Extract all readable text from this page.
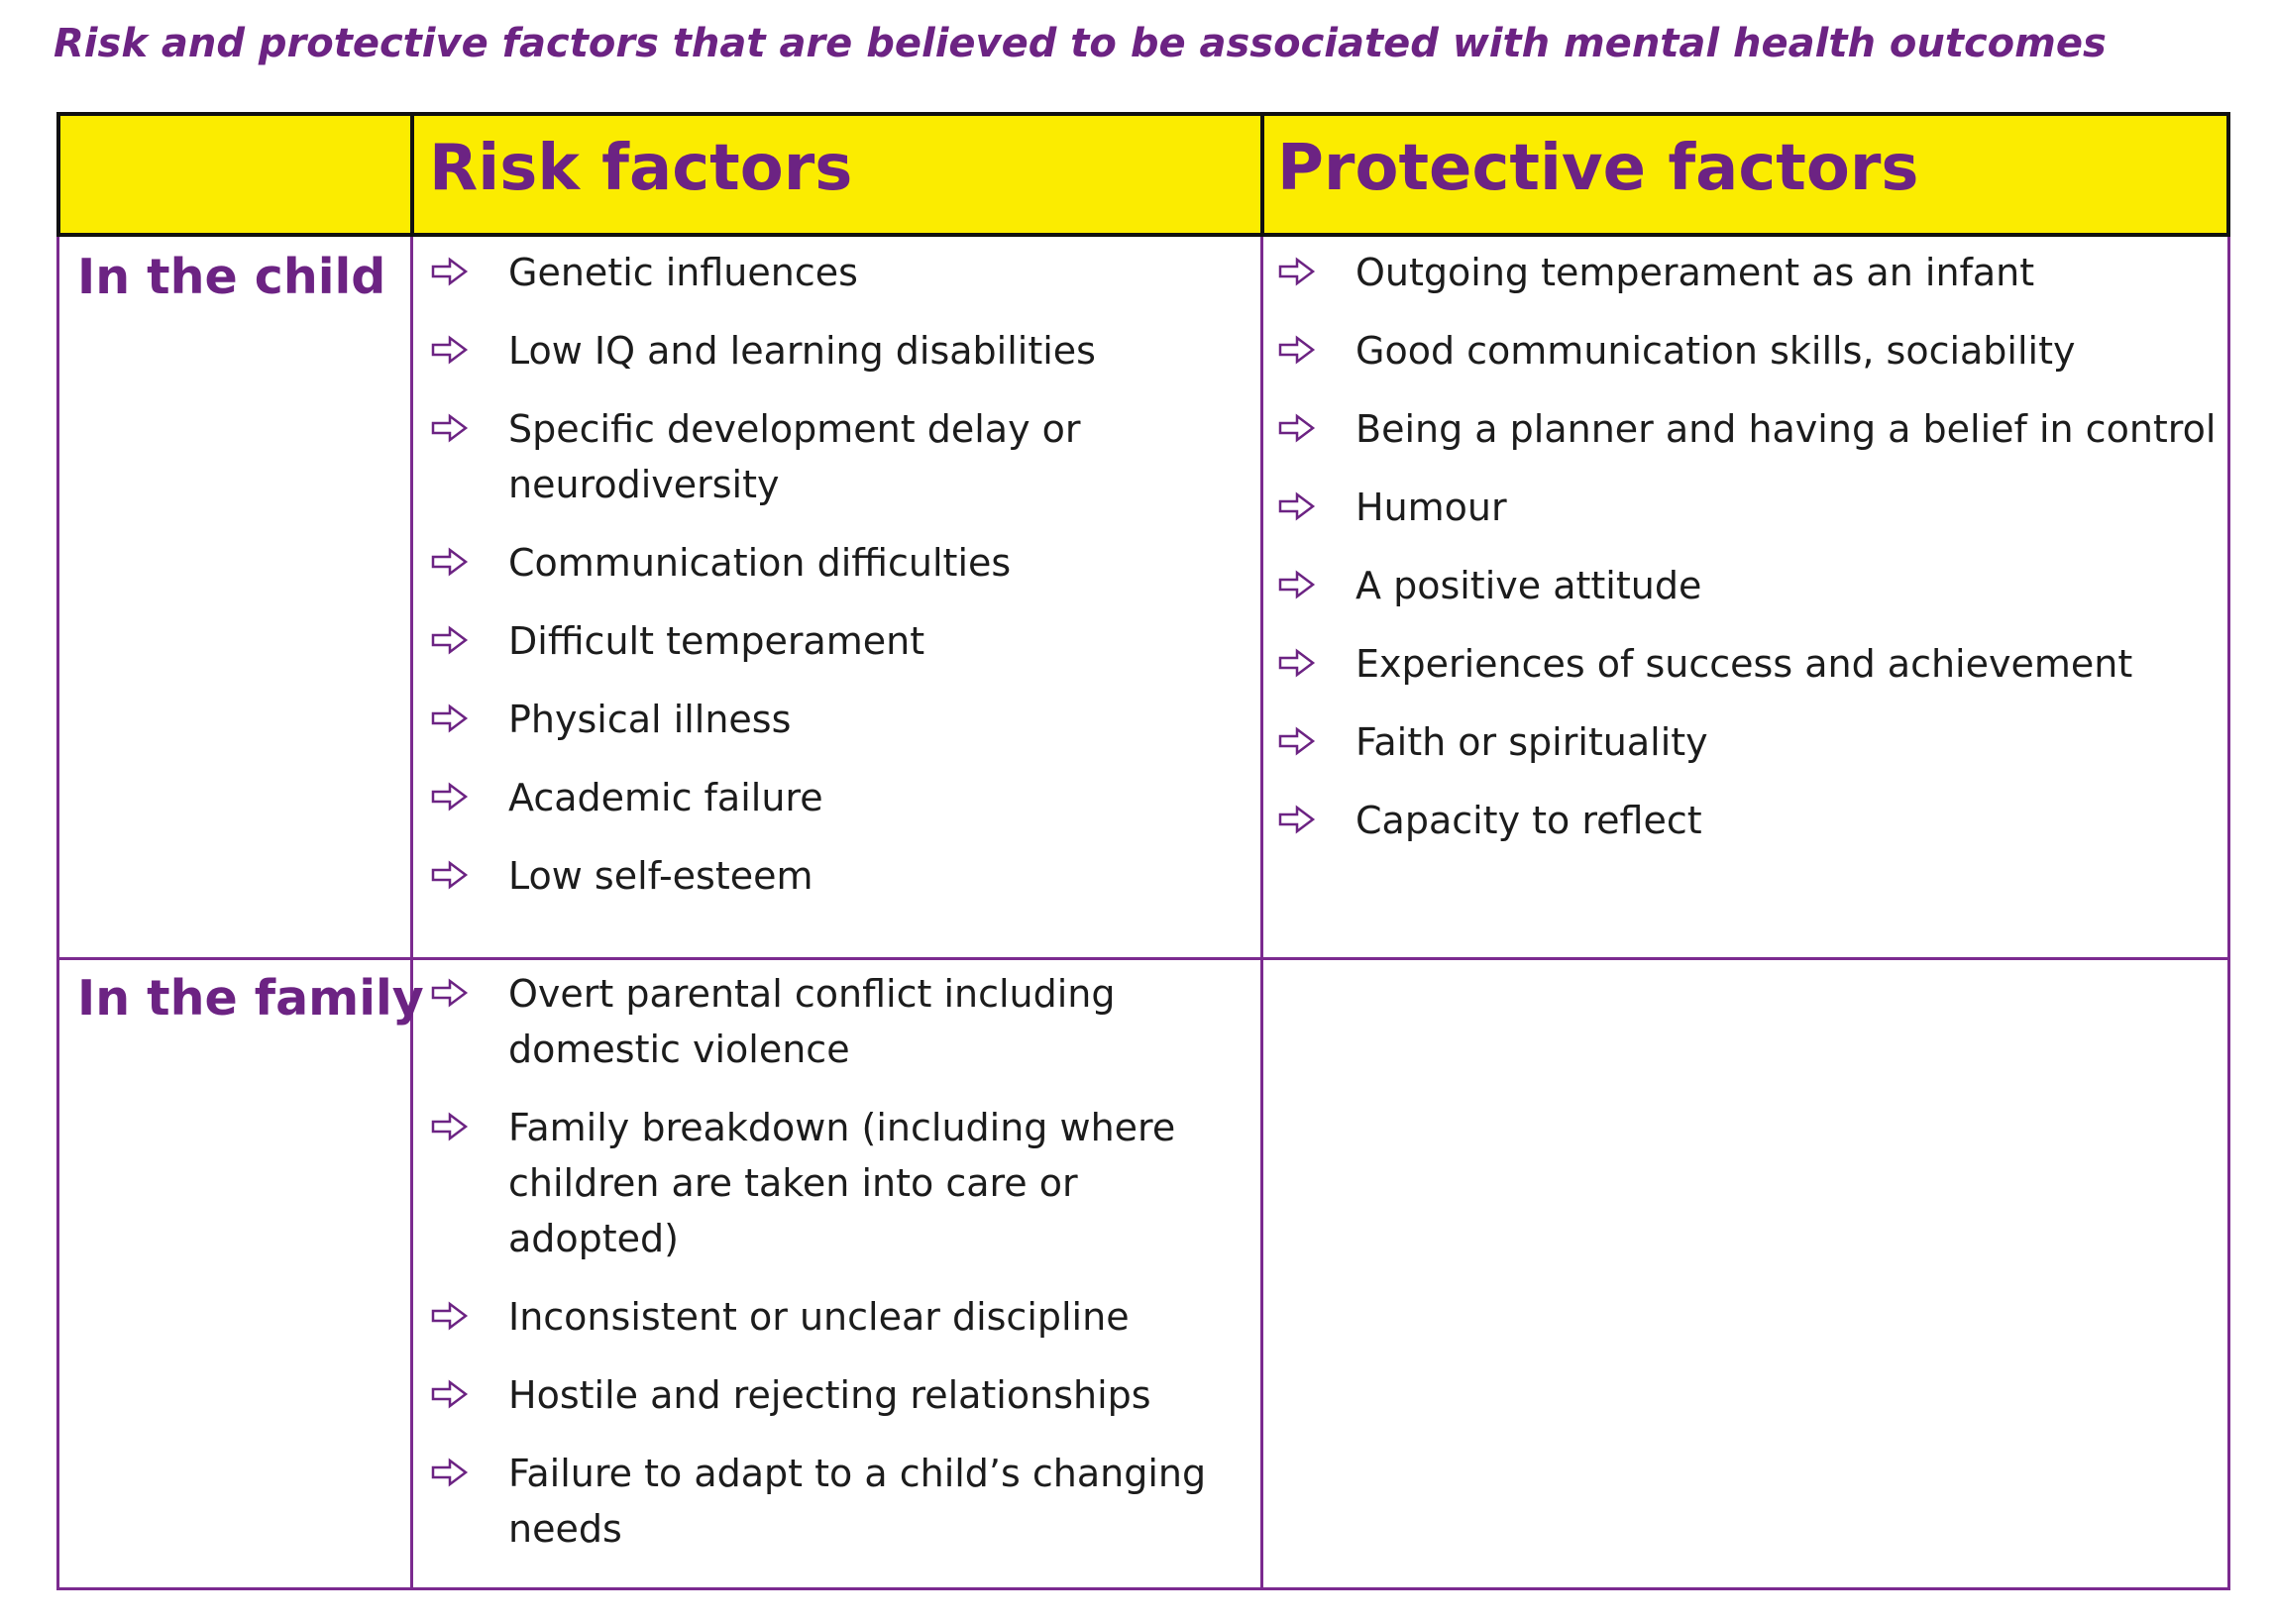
Risk and protective factors that are believed to be associated with mental health outcomes

Risk factors	Protective factors

In the child

In the family

Genetic influences
Low IQ and learning disabilities
Specific development delay or neurodiversity
Communication difficulties
Difficult temperament
Physical illness
Academic failure
Low self-esteem
Outgoing temperament as an infant
Good communication skills, sociability
Being a planner and having a belief in control
Humour
A positive attitude
Experiences of success and achievement
Faith or spirituality
Capacity to reflect
Overt parental conflict including domestic violence
Family breakdown (including where children are taken into care or adopted)
Inconsistent or unclear discipline
Hostile and rejecting relationships
Failure to adapt to a child’s changing needs
